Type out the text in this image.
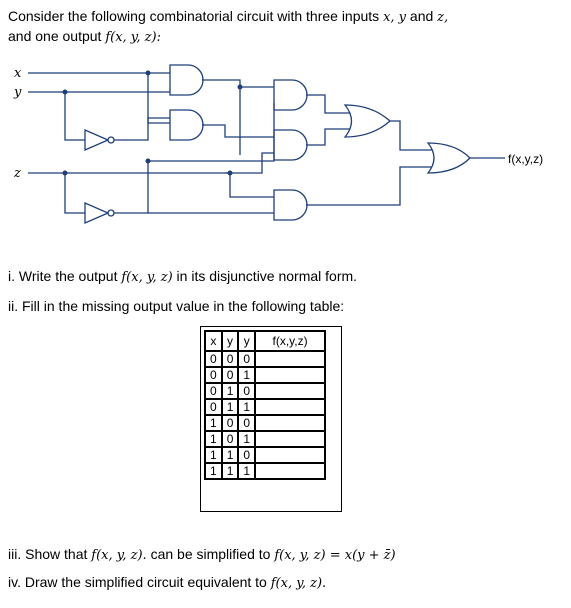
Consider the following combinatorial circuit with three inputs x, y and z,
and one output f(x, y, z):
x
y
z
f(x,y,z)
i. Write the output f(x, y, z) in its disjunctive normal form.
ii. Fill in the missing output value in the following table:
x	y	y	f(x,y,z)
0	0	0	
0	0	1	
0	1	0	
0	1	1	
1	0	0	
1	0	1	
1	1	0	
1	1	1	
iii. Show that f(x, y, z). can be simplified to f(x, y, z) = x(y + z̄)
iv. Draw the simplified circuit equivalent to f(x, y, z).
